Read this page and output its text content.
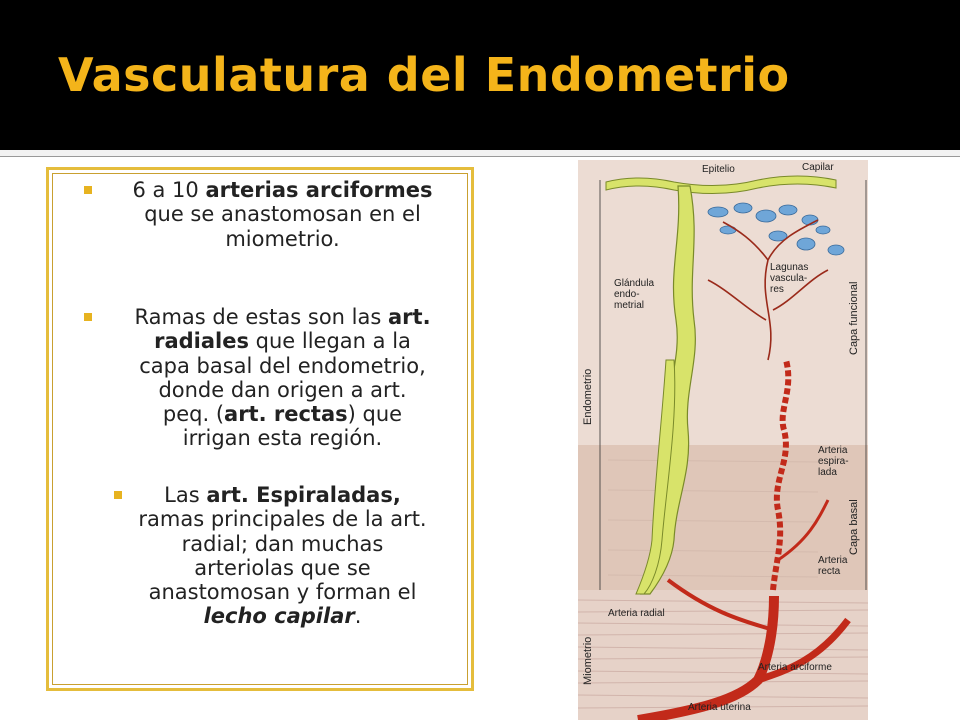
Vasculatura del Endometrio
6 a 10 arterias arciformes
que se anastomosan en el
miometrio.
Ramas de estas son las art.
radiales que llegan a la
capa basal del endometrio,
donde dan origen a art.
peq. (art. rectas) que
irrigan esta región.
Las art. Espiraladas,
ramas principales de la art.
radial; dan muchas
arteriolas que se
anastomosan y forman el
lecho capilar.
Epitelio	Capilar
Glándula
endo-
metrial
Lagunas
vascula-
res
Arteria
espira-
lada
Arteria
recta
Arteria radial
Arteria arciforme
Arteria uterina
Endometrio
Miometrio
Capa funcional
Capa basal
